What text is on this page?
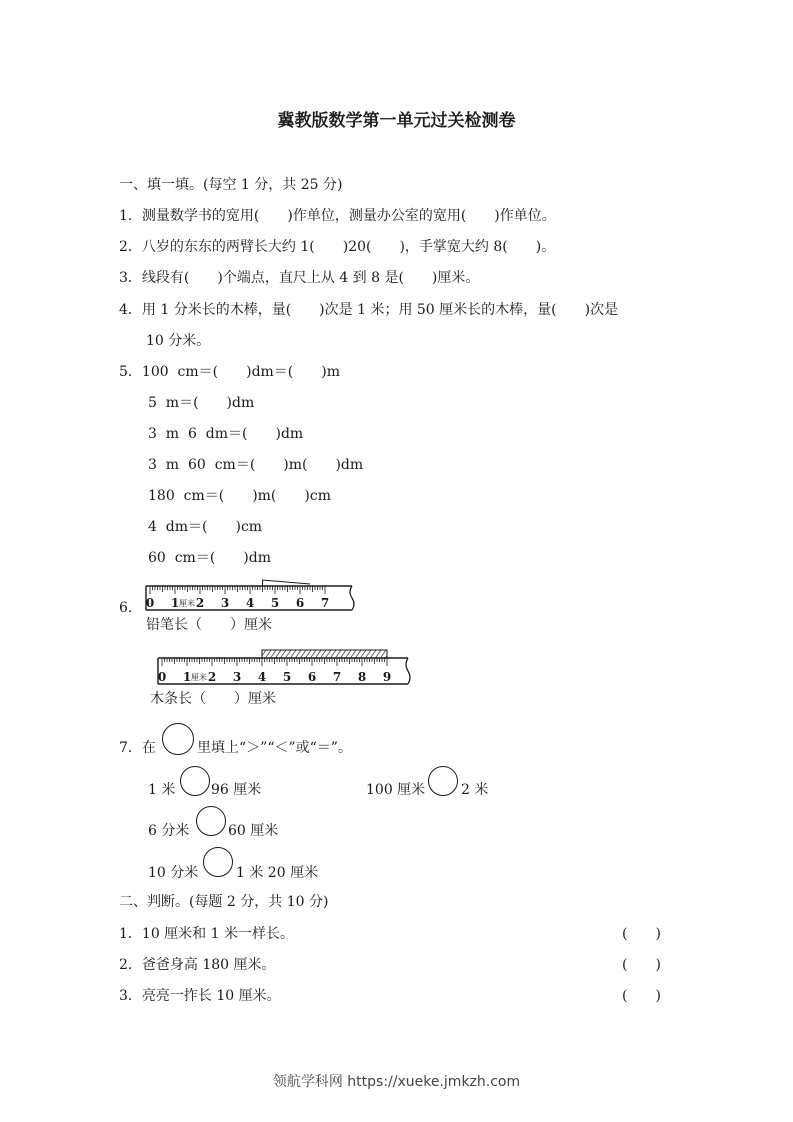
冀教版数学第一单元过关检测卷
一、填一填。(每空 1 分，共 25 分)
1．测量数学书的宽用(　　)作单位，测量办公室的宽用(　　)作单位。
2．八岁的东东的两臂长大约 1(　　)20(　　)，手掌宽大约 8(　　)。
3．线段有(　　)个端点，直尺上从 4 到 8 是(　　)厘米。
4．用 1 分米长的木棒，量(　　)次是 1 米；用 50 厘米长的木棒，量(　　)次是
10 分米。
5．100  cm＝(　　)dm＝(　　)m
5  m＝(　　)dm
3  m  6  dm＝(　　)dm
3  m  60  cm＝(　　)m(　　)dm
180  cm＝(　　)m(　　)cm
4  dm＝(　　)cm
60  cm＝(　　)dm
6. 0 1 厘米 2 3 4 5 6 7
铅笔长（　　）厘米
0 1 厘米 2 3 4 5 6 7 8 9
木条长（　　）厘米
7．在	里填上“＞”“＜”或“＝”。
1 米	96 厘米	100 厘米	2 米
6 分米	60 厘米
10 分米	1 米 20 厘米
二、判断。(每题 2 分，共 10 分)
1．10 厘米和 1 米一样长。	(　　)
2．爸爸身高 180 厘米。	(　　)
3．亮亮一拃长 10 厘米。	(　　)
领航学科网 https://xueke.jmkzh.com
